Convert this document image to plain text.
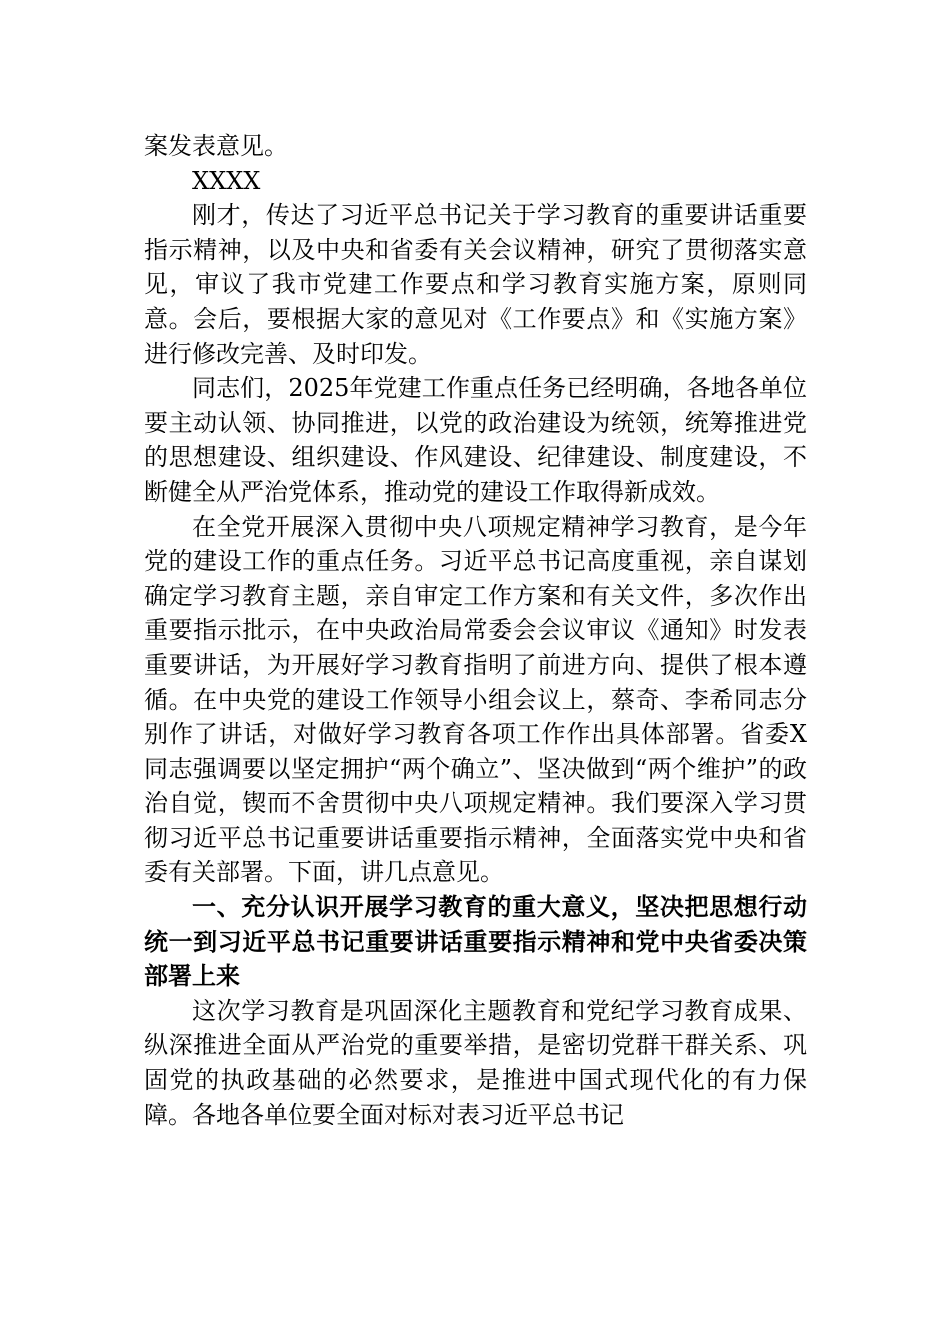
案发表意见。

XXXX

刚才，传达了习近平总书记关于学习教育的重要讲话重要指示精神，以及中央和省委有关会议精神，研究了贯彻落实意见，审议了我市党建工作要点和学习教育实施方案，原则同意。会后，要根据大家的意见对《工作要点》和《实施方案》进行修改完善、及时印发。

同志们，2025年党建工作重点任务已经明确，各地各单位要主动认领、协同推进，以党的政治建设为统领，统筹推进党的思想建设、组织建设、作风建设、纪律建设、制度建设，不断健全从严治党体系，推动党的建设工作取得新成效。

在全党开展深入贯彻中央八项规定精神学习教育，是今年党的建设工作的重点任务。习近平总书记高度重视，亲自谋划确定学习教育主题，亲自审定工作方案和有关文件，多次作出重要指示批示，在中央政治局常委会会议审议《通知》时发表重要讲话，为开展好学习教育指明了前进方向、提供了根本遵循。在中央党的建设工作领导小组会议上，蔡奇、李希同志分别作了讲话，对做好学习教育各项工作作出具体部署。省委X同志强调要以坚定拥护“两个确立”、坚决做到“两个维护”的政治自觉，锲而不舍贯彻中央八项规定精神。我们要深入学习贯彻习近平总书记重要讲话重要指示精神，全面落实党中央和省委有关部署。下面，讲几点意见。

一、充分认识开展学习教育的重大意义，坚决把思想行动统一到习近平总书记重要讲话重要指示精神和党中央省委决策部署上来

这次学习教育是巩固深化主题教育和党纪学习教育成果、纵深推进全面从严治党的重要举措，是密切党群干群关系、巩固党的执政基础的必然要求，是推进中国式现代化的有力保障。各地各单位要全面对标对表习近平总书记
